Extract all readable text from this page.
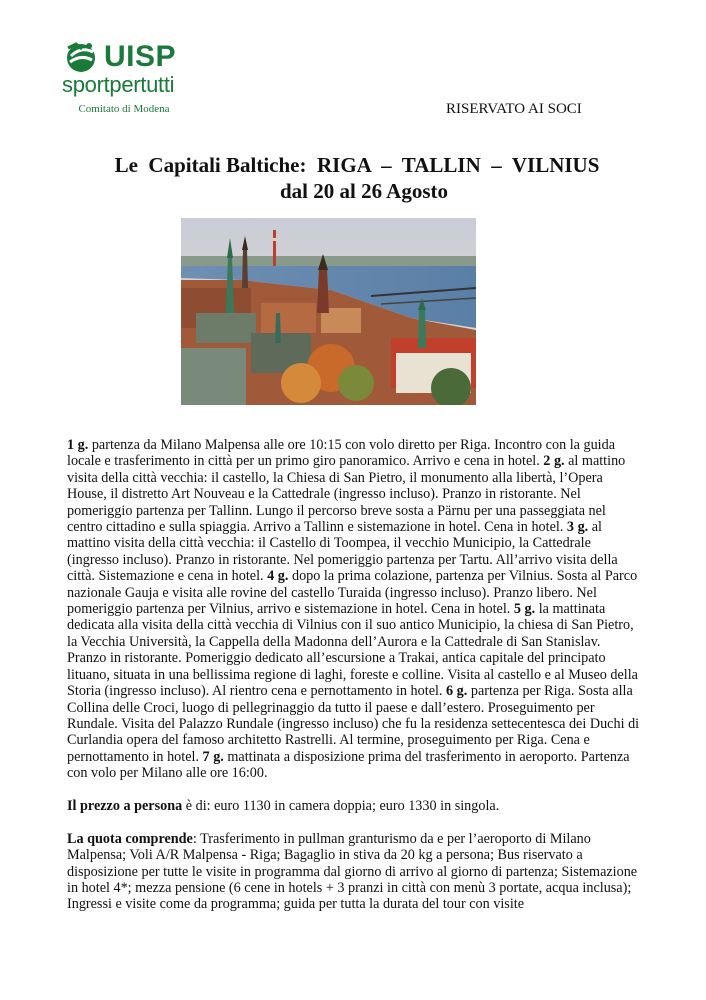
UISP
sportpertutti
Comitato di Modena	RISERVATO AI SOCI
Le  Capitali Baltiche:  RIGA  –  TALLIN  –  VILNIUS
dal 20 al 26 Agosto

1 g. partenza da Milano Malpensa alle ore 10:15 con volo diretto per Riga. Incontro con la guida locale e trasferimento in città per un primo giro panoramico. Arrivo e cena in hotel. 2 g. al mattino visita della città vecchia: il castello, la Chiesa di San Pietro, il monumento alla libertà, l’Opera House, il distretto Art Nouveau e la Cattedrale (ingresso incluso). Pranzo in ristorante. Nel pomeriggio partenza per Tallinn. Lungo il percorso breve sosta a Pärnu per una passeggiata nel centro cittadino e sulla spiaggia. Arrivo a Tallinn e sistemazione in hotel. Cena in hotel. 3 g. al mattino visita della città vecchia: il Castello di Toompea, il vecchio Municipio, la Cattedrale (ingresso incluso). Pranzo in ristorante. Nel pomeriggio partenza per Tartu. All’arrivo visita della città. Sistemazione e cena in hotel. 4 g. dopo la prima colazione, partenza per Vilnius. Sosta al Parco nazionale Gauja e visita alle rovine del castello Turaida (ingresso incluso). Pranzo libero. Nel pomeriggio partenza per Vilnius, arrivo e sistemazione in hotel. Cena in hotel. 5 g. la mattinata dedicata alla visita della città vecchia di Vilnius con il suo antico Municipio, la chiesa di San Pietro, la Vecchia Università, la Cappella della Madonna dell’Aurora e la Cattedrale di San Stanislav. Pranzo in ristorante. Pomeriggio dedicato all’escursione a Trakai, antica capitale del principato lituano, situata in una bellissima regione di laghi, foreste e colline. Visita al castello e al Museo della Storia (ingresso incluso). Al rientro cena e pernottamento in hotel. 6 g. partenza per Riga. Sosta alla Collina delle Croci, luogo di pellegrinaggio da tutto il paese e dall’estero. Proseguimento per Rundale. Visita del Palazzo Rundale (ingresso incluso) che fu la residenza settecentesca dei Duchi di Curlandia opera del famoso architetto Rastrelli. Al termine, proseguimento per Riga. Cena e pernottamento in hotel. 7 g. mattinata a disposizione prima del trasferimento in aeroporto. Partenza con volo per Milano alle ore 16:00.

Il prezzo a persona è di: euro 1130 in camera doppia; euro 1330 in singola.

La quota comprende: Trasferimento in pullman granturismo da e per l’aeroporto di Milano Malpensa; Voli A/R Malpensa - Riga; Bagaglio in stiva da 20 kg a persona; Bus riservato a disposizione per tutte le visite in programma dal giorno di arrivo al giorno di partenza; Sistemazione in hotel 4*; mezza pensione (6 cene in hotels + 3 pranzi in città con menù 3 portate, acqua inclusa); Ingressi e visite come da programma; guida per tutta la durata del tour con visite
